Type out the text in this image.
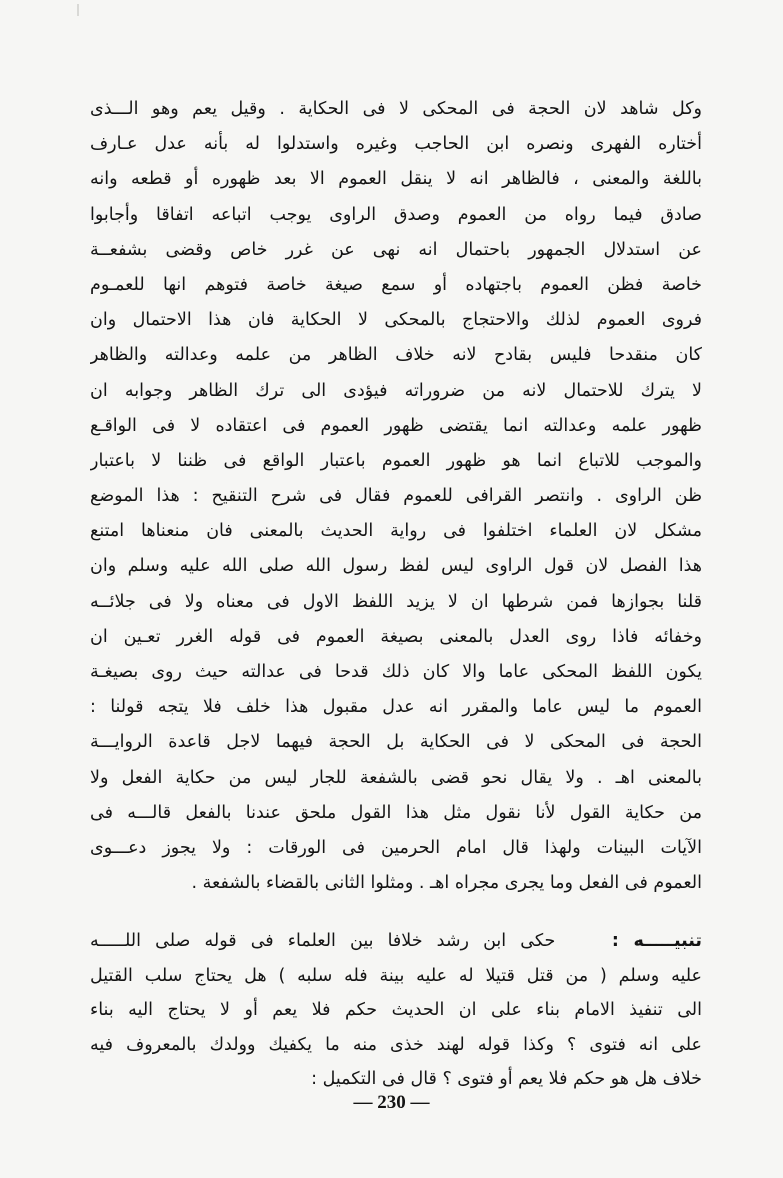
وكل شاهد لان الحجة فى المحكى لا فى الحكاية . وقيل يعم وهو الـــذى
أختاره الفهرى ونصره ابن الحاجب وغيره واستدلوا له بأنه عدل عـارف
باللغة والمعنى ، فالظاهر انه لا ينقل العموم الا بعد ظهوره أو قطعه وانه
صادق فيما رواه من العموم وصدق الراوى يوجب اتباعه اتفاقا وأجابوا
عن استدلال الجمهور باحتمال انه نهى عن غرر خاص وقضى بشفعــة
خاصة فظن العموم باجتهاده أو سمع صيغة خاصة فتوهم انها للعمـوم
فروى العموم لذلك والاحتجاج بالمحكى لا الحكاية فان هذا الاحتمال وان
كان منقدحا فليس بقادح لانه خلاف الظاهر من علمه وعدالته والظاهر
لا يترك للاحتمال لانه من ضروراته فيؤدى الى ترك الظاهر وجوابه ان
ظهور علمه وعدالته انما يقتضى ظهور العموم فى اعتقاده لا فى الواقـع
والموجب للاتباع انما هو ظهور العموم باعتبار الواقع فى ظننا لا باعتبار
ظن الراوى . وانتصر القرافى للعموم فقال فى شرح التنقيح : هذا الموضع
مشكل لان العلماء اختلفوا فى رواية الحديث بالمعنى فان منعناها امتنع
هذا الفصل لان قول الراوى ليس لفظ رسول الله صلى الله عليه وسلم وان
قلنا بجوازها فمن شرطها ان لا يزيد اللفظ الاول فى معناه ولا فى جلائــه
وخفائه فاذا روى العدل بالمعنى بصيغة العموم فى قوله الغرر تعـين ان
يكون اللفظ المحكى عاما والا كان ذلك قدحا فى عدالته حيث روى بصيغـة
العموم ما ليس عاما والمقرر انه عدل مقبول هذا خلف فلا يتجه قولنا :
الحجة فى المحكى لا فى الحكاية بل الحجة فيهما لاجل قاعدة الروايـــة
بالمعنى اهـ . ولا يقال نحو قضى بالشفعة للجار ليس من حكاية الفعل ولا
من حكاية القول لأنا نقول مثل هذا القول ملحق عندنا بالفعل قالـــه فى
الآيات البينات ولهذا قال امام الحرمين فى الورقات : ولا يجوز دعـــوى
العموم فى الفعل وما يجرى مجراه اهـ . ومثلوا الثانى بالقضاء بالشفعة .
تنبيـــــه :    حكى ابن رشد خلافا بين العلماء فى قوله صلى اللـــــه
عليه وسلم ( من قتل قتيلا له عليه بينة فله سلبه ) هل يحتاج سلب القتيل
الى تنفيذ الامام بناء على ان الحديث حكم فلا يعم أو لا يحتاج اليه بناء
على انه فتوى ؟ وكذا قوله لهند خذى منه ما يكفيك وولدك بالمعروف فيه
خلاف هل هو حكم فلا يعم أو فتوى ؟ قال فى التكميل :
— 230 —
